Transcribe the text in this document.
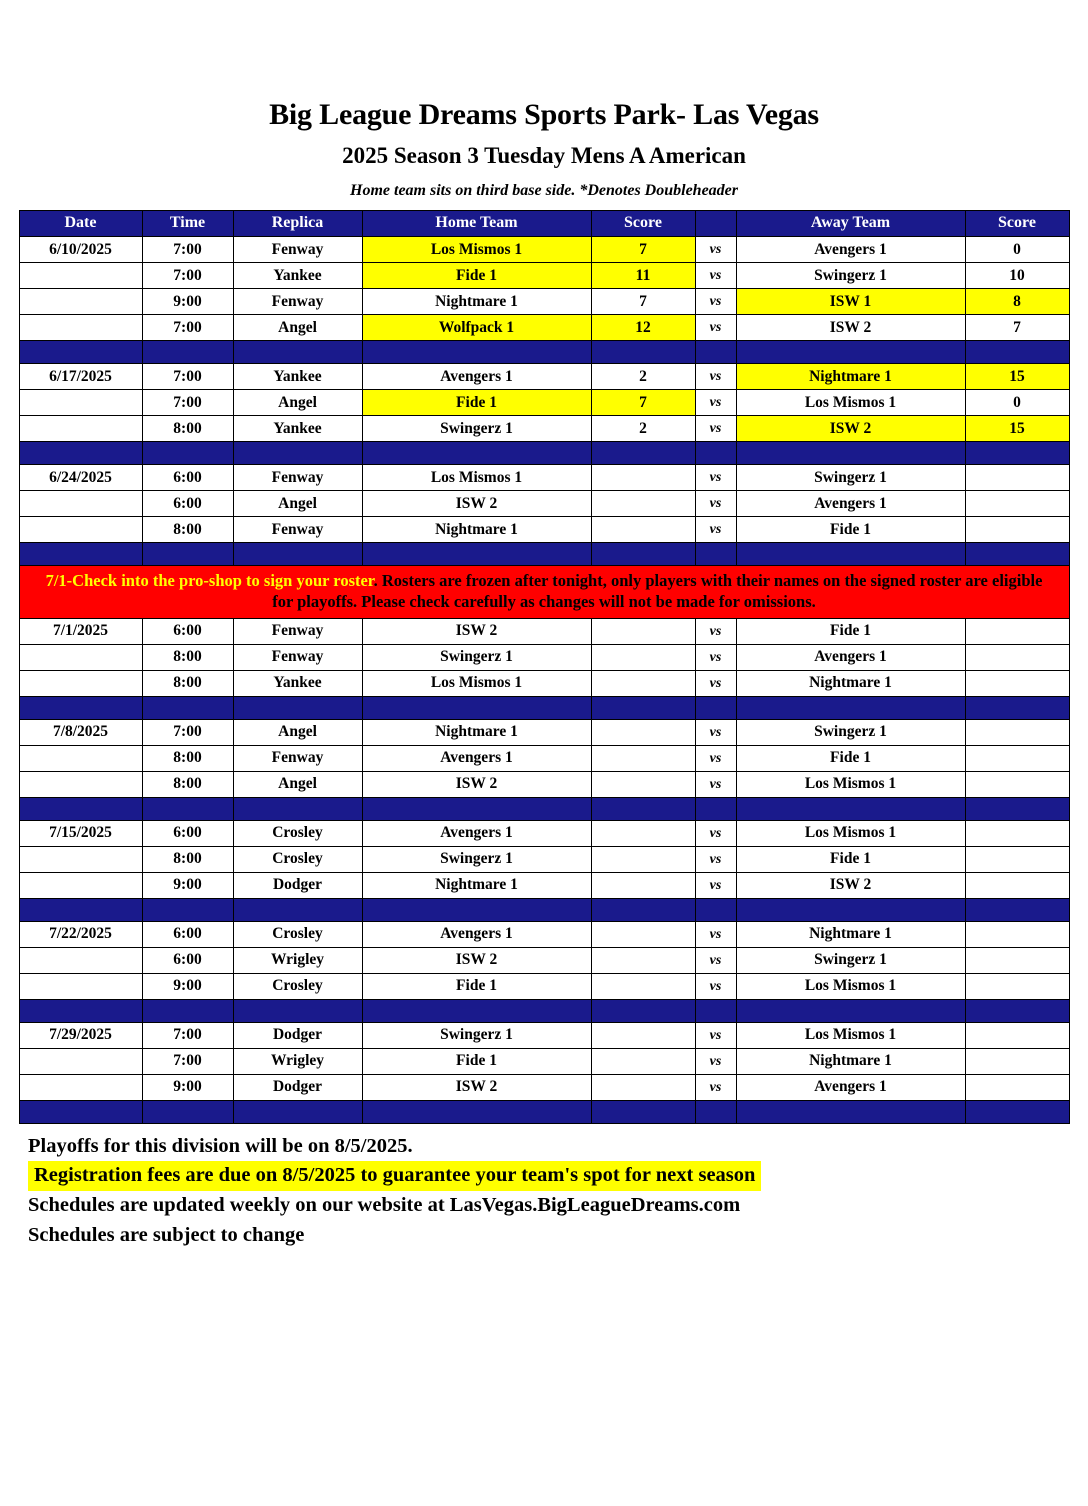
Big League Dreams Sports Park- Las Vegas
2025 Season 3 Tuesday Mens A American
Home team sits on third base side. *Denotes Doubleheader
Date	Time	Replica	Home Team	Score		Away Team	Score
6/10/2025	7:00	Fenway	Los Mismos 1	7	vs	Avengers 1	0
	7:00	Yankee	Fide 1	11	vs	Swingerz 1	10
	9:00	Fenway	Nightmare 1	7	vs	ISW 1	8
	7:00	Angel	Wolfpack 1	12	vs	ISW 2	7

6/17/2025	7:00	Yankee	Avengers 1	2	vs	Nightmare 1	15
	7:00	Angel	Fide 1	7	vs	Los Mismos 1	0
	8:00	Yankee	Swingerz 1	2	vs	ISW 2	15

6/24/2025	6:00	Fenway	Los Mismos 1		vs	Swingerz 1	
	6:00	Angel	ISW 2		vs	Avengers 1	
	8:00	Fenway	Nightmare 1		vs	Fide 1	

7/1-Check into the pro-shop to sign your roster. Rosters are frozen after tonight, only players with their names on the signed roster are eligible for playoffs. Please check carefully as changes will not be made for omissions.							
7/1/2025	6:00	Fenway	ISW 2		vs	Fide 1	
	8:00	Fenway	Swingerz 1		vs	Avengers 1	
	8:00	Yankee	Los Mismos 1		vs	Nightmare 1	

7/8/2025	7:00	Angel	Nightmare 1		vs	Swingerz 1	
	8:00	Fenway	Avengers 1		vs	Fide 1	
	8:00	Angel	ISW 2		vs	Los Mismos 1	

7/15/2025	6:00	Crosley	Avengers 1		vs	Los Mismos 1	
	8:00	Crosley	Swingerz 1		vs	Fide 1	
	9:00	Dodger	Nightmare 1		vs	ISW 2	

7/22/2025	6:00	Crosley	Avengers 1		vs	Nightmare 1	
	6:00	Wrigley	ISW 2		vs	Swingerz 1	
	9:00	Crosley	Fide 1		vs	Los Mismos 1	

7/29/2025	7:00	Dodger	Swingerz 1		vs	Los Mismos 1	
	7:00	Wrigley	Fide 1		vs	Nightmare 1	
	9:00	Dodger	ISW 2		vs	Avengers 1	

Playoffs for this division will be on 8/5/2025.
Registration fees are due on 8/5/2025 to guarantee your team's spot for next season
Schedules are updated weekly on our website at LasVegas.BigLeagueDreams.com
Schedules are subject to change
